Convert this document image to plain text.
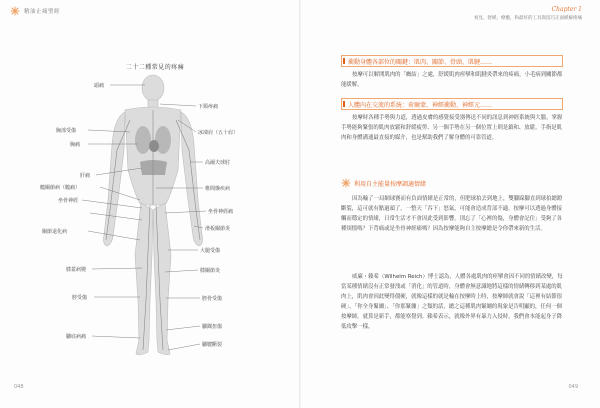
精油止痛聖經
二十二種常見的疼痛
頭痛
胸部受傷
胸痛
肝痛
髖關節病（髖痛）
坐骨神經
關節退化病
膝蓋病變
脛受傷
腳底病痛
下頸疼痛
冰凍肩（五十肩）
高爾夫球肘
椎間盤疾病
坐骨神經痛
滑板關節炎
大腿受傷
膝關節炎
脛骨受傷
腳踝扭傷
腳腱斷裂
048
Chapter 1
看見、舒緩、療癒，和最好的工具與技巧正面緩解疼痛
衝動身體各部位的關鍵：肌肉、關節、骨頭、肌腱……

按摩可以解開肌肉的「癥結」之處，舒緩肌肉痙攣和肌腱炎帶來的疼痛，小毛病到關節都能緩解。

人體內在交流的系統：荷爾蒙、神經衝動、神經元……

按摩時各種手勢與力道，透過皮膚的感覺接受器傳送不同的訊息到神經系統與大腦，掌握手勢能夠緊張的肌肉放鬆和舒緩疲勞、另一個手勢在另一個位置上則是鎮和、放鬆，手指是肌肉和身體溝通最直接的媒介，也是幫助我們了解身體的可靠管道。

利用自主能量按摩調適情緒

因為輸了一局網球賽而有負面情緒是正常的，但肥球拍丟到地上，雙腳跺腳直到球拍總蹬斷裂，這可就有點過頭了，一整天「吞下」怒氣，可能會造成背部不適。按摩可以透過身體接觸而穩定的情緒，日常生活才不會因此受到影響。別忘了「心裡的傷，身體會記住」受夠了各種煩惱嗎？下背痛或是坐骨神經痛嗎？因為按摩能夠自主按摩總是令你帶來新的生活。

威廉・賴希（Wilhelm Reich）博士認為，人體各處肌肉的痙攣會因不同的情緒改變，每當某種情緒沒有正常發洩或「消化」的管道時，身體會無意識地將這樣的情緒轉移到某處的肌肉上，肌肉會因此變得僵硬，就像這樣的就是輸在按摩時上時，按摩師就會說「這裡有結節很硬」、「你全身緊繃」、「你那緊繃」之類的話，總之這種肌肉緊繃的現象是告明顯的，任何一個按摩師，就算是新手，都能察覺到。賴希表示，就像外界有暴力入侵時，我們會本能起身子降低攻擊一樣，

049
